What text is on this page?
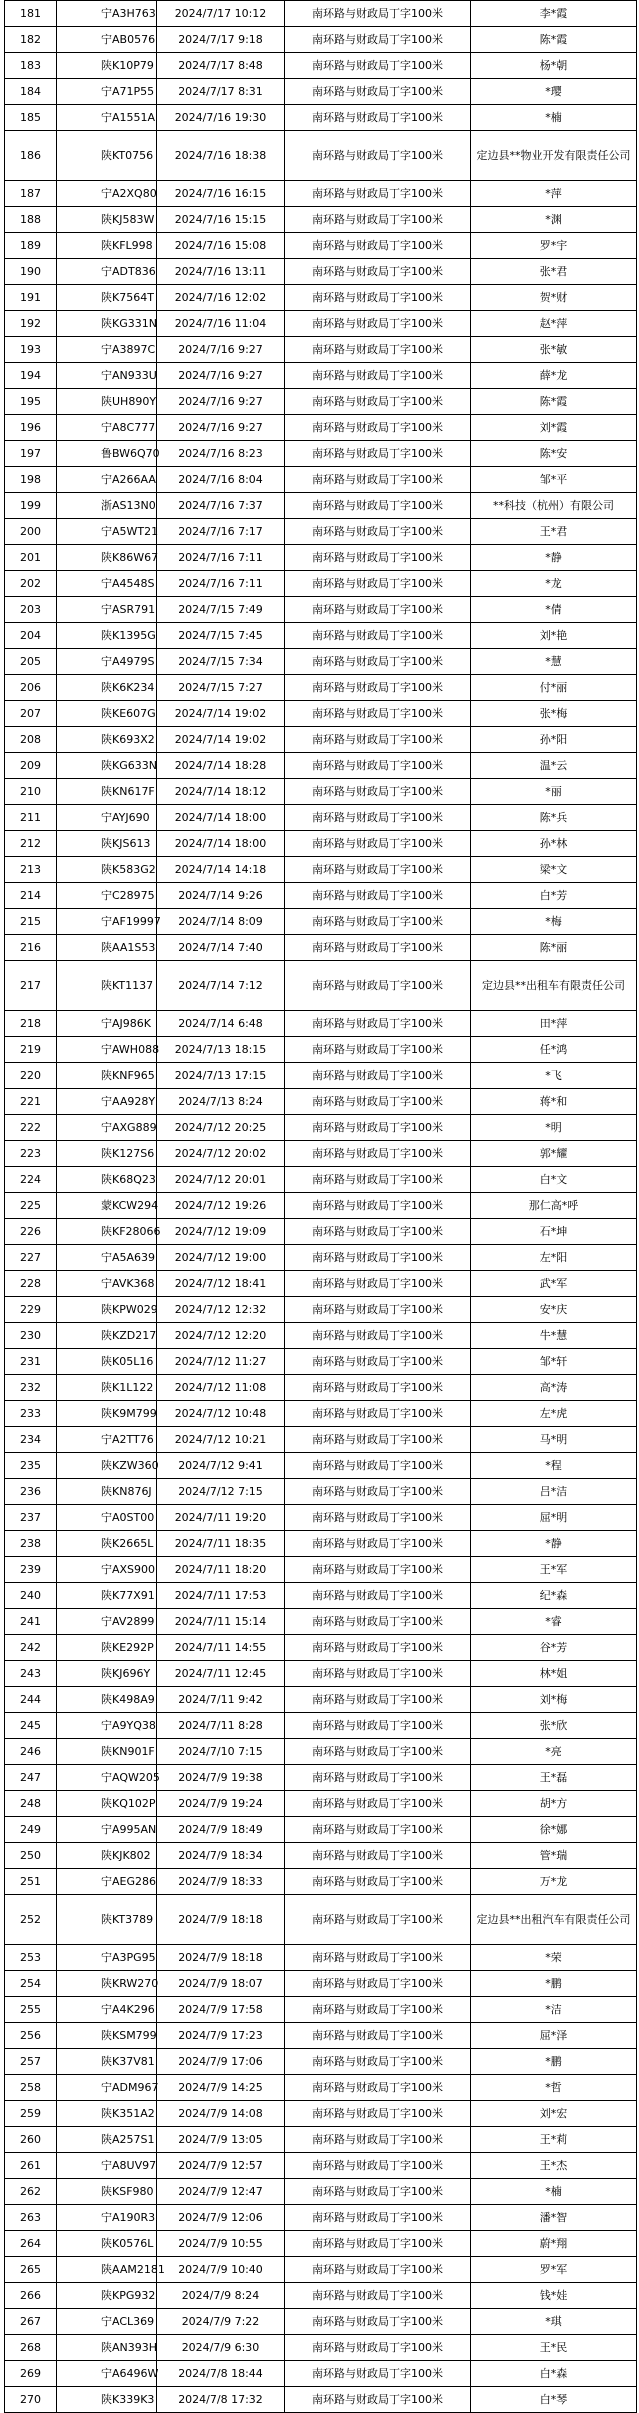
181	宁A3H763	2024/7/17 10:12	南环路与财政局丁字100米	李*霞
182	宁AB0576	2024/7/17 9:18	南环路与财政局丁字100米	陈*霞
183	陕K10P79	2024/7/17 8:48	南环路与财政局丁字100米	杨*朝
184	宁A71P55	2024/7/17 8:31	南环路与财政局丁字100米	*璎
185	宁A1551A	2024/7/16 19:30	南环路与财政局丁字100米	*楠
186	陕KT0756	2024/7/16 18:38	南环路与财政局丁字100米	定边县**物业开发有限责任公司
187	宁A2XQ80	2024/7/16 16:15	南环路与财政局丁字100米	*萍
188	陕KJ583W	2024/7/16 15:15	南环路与财政局丁字100米	*渊
189	陕KFL998	2024/7/16 15:08	南环路与财政局丁字100米	罗*宇
190	宁ADT836	2024/7/16 13:11	南环路与财政局丁字100米	张*君
191	陕K7564T	2024/7/16 12:02	南环路与财政局丁字100米	贺*财
192	陕KG331N	2024/7/16 11:04	南环路与财政局丁字100米	赵*萍
193	宁A3897C	2024/7/16 9:27	南环路与财政局丁字100米	张*敏
194	宁AN933U	2024/7/16 9:27	南环路与财政局丁字100米	薛*龙
195	陕UH890Y	2024/7/16 9:27	南环路与财政局丁字100米	陈*霞
196	宁A8C777	2024/7/16 9:27	南环路与财政局丁字100米	刘*霞
197	鲁BW6Q70	2024/7/16 8:23	南环路与财政局丁字100米	陈*安
198	宁A266AA	2024/7/16 8:04	南环路与财政局丁字100米	邹*平
199	浙AS13N0	2024/7/16 7:37	南环路与财政局丁字100米	**科技（杭州）有限公司
200	宁A5WT21	2024/7/16 7:17	南环路与财政局丁字100米	王*君
201	陕K86W67	2024/7/16 7:11	南环路与财政局丁字100米	*静
202	宁A4548S	2024/7/16 7:11	南环路与财政局丁字100米	*龙
203	宁ASR791	2024/7/15 7:49	南环路与财政局丁字100米	*倩
204	陕K1395G	2024/7/15 7:45	南环路与财政局丁字100米	刘*艳
205	宁A4979S	2024/7/15 7:34	南环路与财政局丁字100米	*慧
206	陕K6K234	2024/7/15 7:27	南环路与财政局丁字100米	付*丽
207	陕KE607G	2024/7/14 19:02	南环路与财政局丁字100米	张*梅
208	陕K693X2	2024/7/14 19:02	南环路与财政局丁字100米	孙*阳
209	陕KG633N	2024/7/14 18:28	南环路与财政局丁字100米	温*云
210	陕KN617F	2024/7/14 18:12	南环路与财政局丁字100米	*丽
211	宁AYJ690	2024/7/14 18:00	南环路与财政局丁字100米	陈*兵
212	陕KJS613	2024/7/14 18:00	南环路与财政局丁字100米	孙*林
213	陕K583G2	2024/7/14 14:18	南环路与财政局丁字100米	梁*文
214	宁C28975	2024/7/14 9:26	南环路与财政局丁字100米	白*芳
215	宁AF19997	2024/7/14 8:09	南环路与财政局丁字100米	*梅
216	陕AA1S53	2024/7/14 7:40	南环路与财政局丁字100米	陈*丽
217	陕KT1137	2024/7/14 7:12	南环路与财政局丁字100米	定边县**出租车有限责任公司
218	宁AJ986K	2024/7/14 6:48	南环路与财政局丁字100米	田*萍
219	宁AWH088	2024/7/13 18:15	南环路与财政局丁字100米	任*鸿
220	陕KNF965	2024/7/13 17:15	南环路与财政局丁字100米	*飞
221	宁AA928Y	2024/7/13 8:24	南环路与财政局丁字100米	蒋*和
222	宁AXG889	2024/7/12 20:25	南环路与财政局丁字100米	*明
223	陕K127S6	2024/7/12 20:02	南环路与财政局丁字100米	郭*耀
224	陕K68Q23	2024/7/12 20:01	南环路与财政局丁字100米	白*文
225	蒙KCW294	2024/7/12 19:26	南环路与财政局丁字100米	那仁高*呼
226	陕KF28066	2024/7/12 19:09	南环路与财政局丁字100米	石*坤
227	宁A5A639	2024/7/12 19:00	南环路与财政局丁字100米	左*阳
228	宁AVK368	2024/7/12 18:41	南环路与财政局丁字100米	武*军
229	陕KPW029	2024/7/12 12:32	南环路与财政局丁字100米	安*庆
230	陕KZD217	2024/7/12 12:20	南环路与财政局丁字100米	牛*慧
231	陕K05L16	2024/7/12 11:27	南环路与财政局丁字100米	邹*轩
232	陕K1L122	2024/7/12 11:08	南环路与财政局丁字100米	高*涛
233	陕K9M799	2024/7/12 10:48	南环路与财政局丁字100米	左*虎
234	宁A2TT76	2024/7/12 10:21	南环路与财政局丁字100米	马*明
235	陕KZW360	2024/7/12 9:41	南环路与财政局丁字100米	*程
236	陕KN876J	2024/7/12 7:15	南环路与财政局丁字100米	吕*洁
237	宁A0ST00	2024/7/11 19:20	南环路与财政局丁字100米	屈*明
238	陕K2665L	2024/7/11 18:35	南环路与财政局丁字100米	*静
239	宁AXS900	2024/7/11 18:20	南环路与财政局丁字100米	王*军
240	陕K77X91	2024/7/11 17:53	南环路与财政局丁字100米	纪*森
241	宁AV2899	2024/7/11 15:14	南环路与财政局丁字100米	*睿
242	陕KE292P	2024/7/11 14:55	南环路与财政局丁字100米	谷*芳
243	陕KJ696Y	2024/7/11 12:45	南环路与财政局丁字100米	林*姐
244	陕K498A9	2024/7/11 9:42	南环路与财政局丁字100米	刘*梅
245	宁A9YQ38	2024/7/11 8:28	南环路与财政局丁字100米	张*欣
246	陕KN901F	2024/7/10 7:15	南环路与财政局丁字100米	*亮
247	宁AQW205	2024/7/9 19:38	南环路与财政局丁字100米	王*磊
248	陕KQ102P	2024/7/9 19:24	南环路与财政局丁字100米	胡*方
249	宁A995AN	2024/7/9 18:49	南环路与财政局丁字100米	徐*娜
250	陕KJK802	2024/7/9 18:34	南环路与财政局丁字100米	管*瑞
251	宁AEG286	2024/7/9 18:33	南环路与财政局丁字100米	万*龙
252	陕KT3789	2024/7/9 18:18	南环路与财政局丁字100米	定边县**出租汽车有限责任公司
253	宁A3PG95	2024/7/9 18:18	南环路与财政局丁字100米	*荣
254	陕KRW270	2024/7/9 18:07	南环路与财政局丁字100米	*鹏
255	宁A4K296	2024/7/9 17:58	南环路与财政局丁字100米	*洁
256	陕KSM799	2024/7/9 17:23	南环路与财政局丁字100米	屈*泽
257	陕K37V81	2024/7/9 17:06	南环路与财政局丁字100米	*鹏
258	宁ADM967	2024/7/9 14:25	南环路与财政局丁字100米	*哲
259	陕K351A2	2024/7/9 14:08	南环路与财政局丁字100米	刘*宏
260	陕A257S1	2024/7/9 13:05	南环路与财政局丁字100米	王*莉
261	宁A8UV97	2024/7/9 12:57	南环路与财政局丁字100米	王*杰
262	陕KSF980	2024/7/9 12:47	南环路与财政局丁字100米	*楠
263	宁A190R3	2024/7/9 12:06	南环路与财政局丁字100米	潘*智
264	陕K0576L	2024/7/9 10:55	南环路与财政局丁字100米	蔚*翔
265	陕AAM2181	2024/7/9 10:40	南环路与财政局丁字100米	罗*军
266	陕KPG932	2024/7/9 8:24	南环路与财政局丁字100米	钱*娃
267	宁ACL369	2024/7/9 7:22	南环路与财政局丁字100米	*琪
268	陕AN393H	2024/7/9 6:30	南环路与财政局丁字100米	王*民
269	宁A6496W	2024/7/8 18:44	南环路与财政局丁字100米	白*森
270	陕K339K3	2024/7/8 17:32	南环路与财政局丁字100米	白*琴
